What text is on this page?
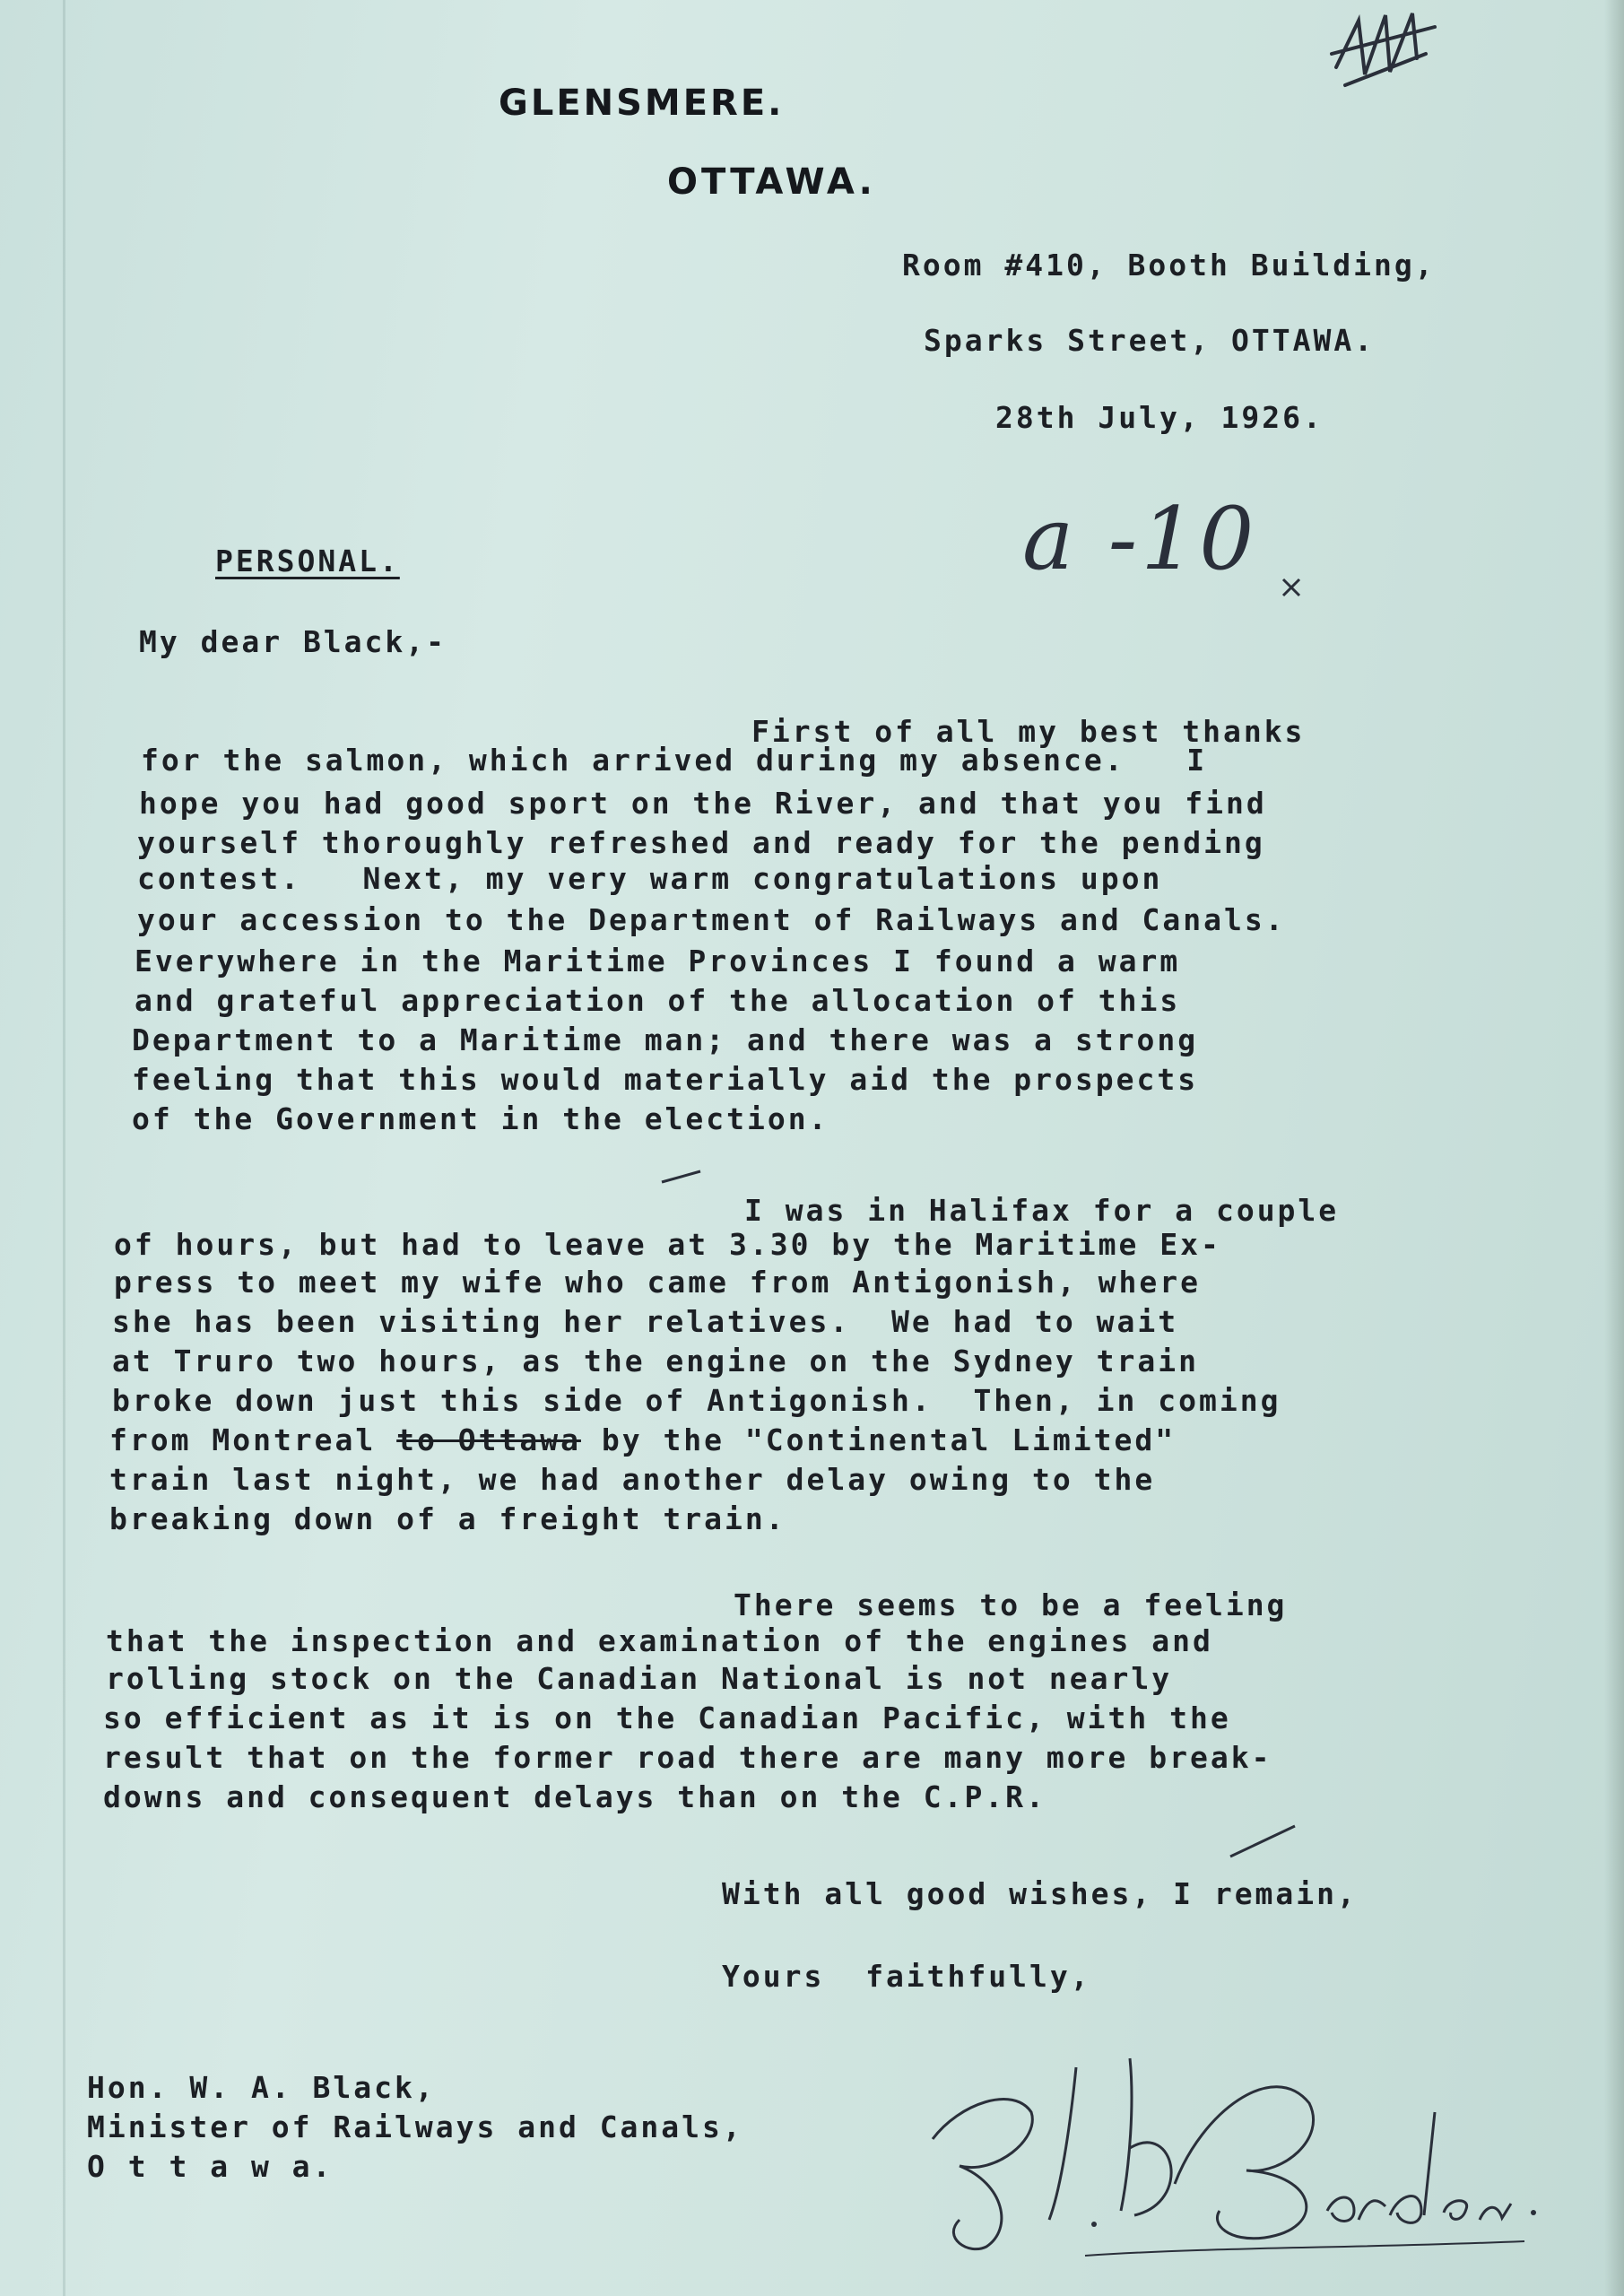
GLENSMERE.
OTTAWA.
Room #410, Booth Building,
Sparks Street, OTTAWA.
28th July, 1926.
a -10
PERSONAL.
My dear Black,-
First of all my best thanks
for the salmon, which arrived during my absence.   I
hope you had good sport on the River, and that you find
yourself thoroughly refreshed and ready for the pending
contest.   Next, my very warm congratulations upon
your accession to the Department of Railways and Canals.
Everywhere in the Maritime Provinces I found a warm
and grateful appreciation of the allocation of this
Department to a Maritime man; and there was a strong
feeling that this would materially aid the prospects
of the Government in the election.
I was in Halifax for a couple
of hours, but had to leave at 3.30 by the Maritime Ex-
press to meet my wife who came from Antigonish, where
she has been visiting her relatives.  We had to wait
at Truro two hours, as the engine on the Sydney train
broke down just this side of Antigonish.  Then, in coming
from Montreal to Ottawa by the "Continental Limited"
train last night, we had another delay owing to the
breaking down of a freight train.
There seems to be a feeling
that the inspection and examination of the engines and
rolling stock on the Canadian National is not nearly
so efficient as it is on the Canadian Pacific, with the
result that on the former road there are many more break-
downs and consequent delays than on the C.P.R.
With all good wishes, I remain,
Yours  faithfully,
Hon. W. A. Black,
Minister of Railways and Canals,
O t t a w a.
